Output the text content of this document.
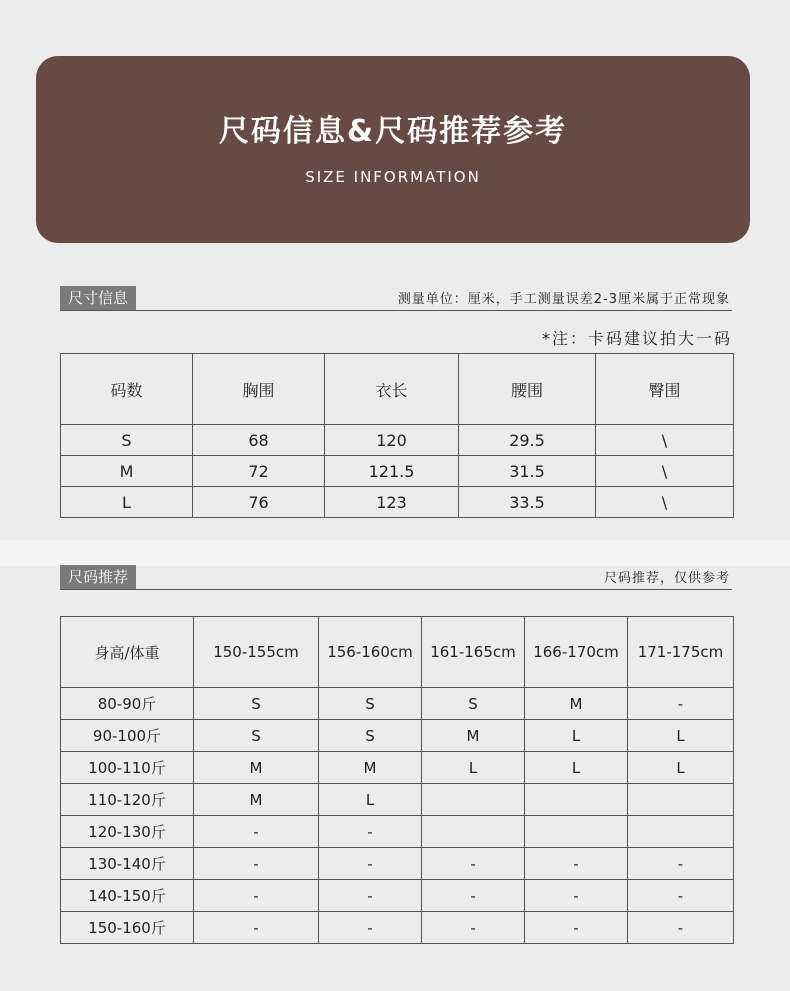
尺码信息&尺码推荐参考
SIZE INFORMATION
尺寸信息	测量单位：厘米，手工测量误差2-3厘米属于正常现象
*注：卡码建议拍大一码
码数	胸围	衣长	腰围	臀围
S	68	120	29.5	\
M	72	121.5	31.5	\
L	76	123	33.5	\
尺码推荐	尺码推荐，仅供参考
身高/体重	150-155cm	156-160cm	161-165cm	166-170cm	171-175cm
80-90斤	S	S	S	M	-
90-100斤	S	S	M	L	L
100-110斤	M	M	L	L	L
110-120斤	M	L			
120-130斤	-	-			
130-140斤	-	-	-	-	-
140-150斤	-	-	-	-	-
150-160斤	-	-	-	-	-
